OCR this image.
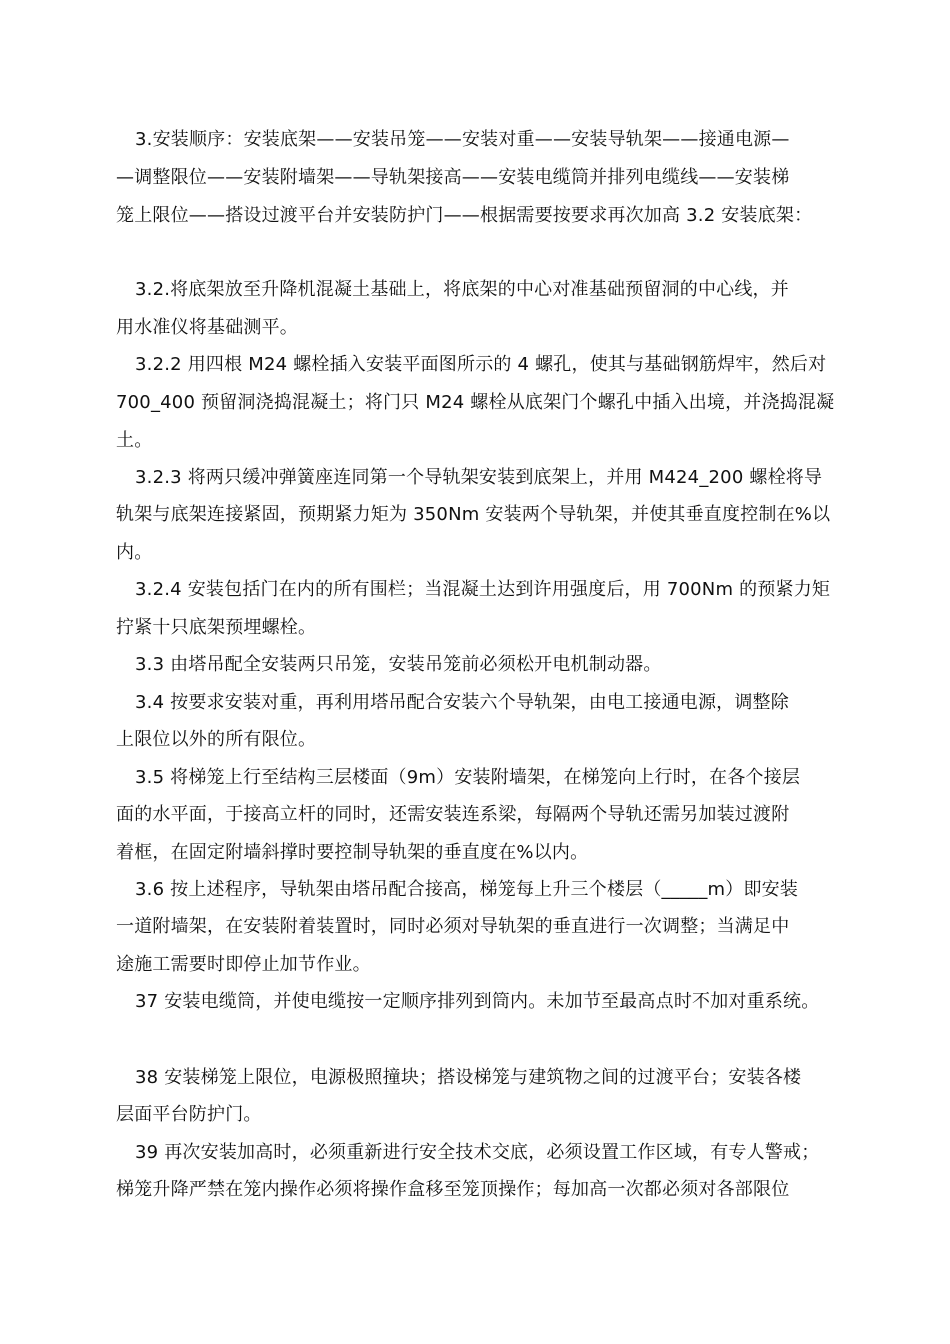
3.安装顺序：安装底架——安装吊笼——安装对重——安装导轨架——接通电源—
—调整限位——安装附墙架——导轨架接高——安装电缆筒并排列电缆线——安装梯
笼上限位——搭设过渡平台并安装防护门——根据需要按要求再次加高 3.2 安装底架：
3.2.将底架放至升降机混凝土基础上，将底架的中心对准基础预留洞的中心线，并
用水准仪将基础测平。
3.2.2 用四根 M24 螺栓插入安装平面图所示的 4 螺孔，使其与基础钢筋焊牢，然后对
700_400 预留洞浇捣混凝土；将门只 M24 螺栓从底架门个螺孔中插入出境，并浇捣混凝
土。
3.2.3 将两只缓冲弹簧座连同第一个导轨架安装到底架上，并用 M424_200 螺栓将导
轨架与底架连接紧固，预期紧力矩为 350Nm 安装两个导轨架，并使其垂直度控制在%以
内。
3.2.4 安装包括门在内的所有围栏；当混凝土达到许用强度后，用 700Nm 的预紧力矩
拧紧十只底架预埋螺栓。
3.3 由塔吊配全安装两只吊笼，安装吊笼前必须松开电机制动器。
3.4 按要求安装对重，再利用塔吊配合安装六个导轨架，由电工接通电源，调整除
上限位以外的所有限位。
3.5 将梯笼上行至结构三层楼面（9m）安装附墙架，在梯笼向上行时，在各个接层
面的水平面，于接高立杆的同时，还需安装连系梁，每隔两个导轨还需另加装过渡附
着框，在固定附墙斜撑时要控制导轨架的垂直度在%以内。
3.6 按上述程序，导轨架由塔吊配合接高，梯笼每上升三个楼层（_____m）即安装
一道附墙架，在安装附着装置时，同时必须对导轨架的垂直进行一次调整；当满足中
途施工需要时即停止加节作业。
37 安装电缆筒，并使电缆按一定顺序排列到筒内。未加节至最高点时不加对重系统。
38 安装梯笼上限位，电源极照撞块；搭设梯笼与建筑物之间的过渡平台；安装各楼
层面平台防护门。
39 再次安装加高时，必须重新进行安全技术交底，必须设置工作区域，有专人警戒；
梯笼升降严禁在笼内操作必须将操作盒移至笼顶操作；每加高一次都必须对各部限位
